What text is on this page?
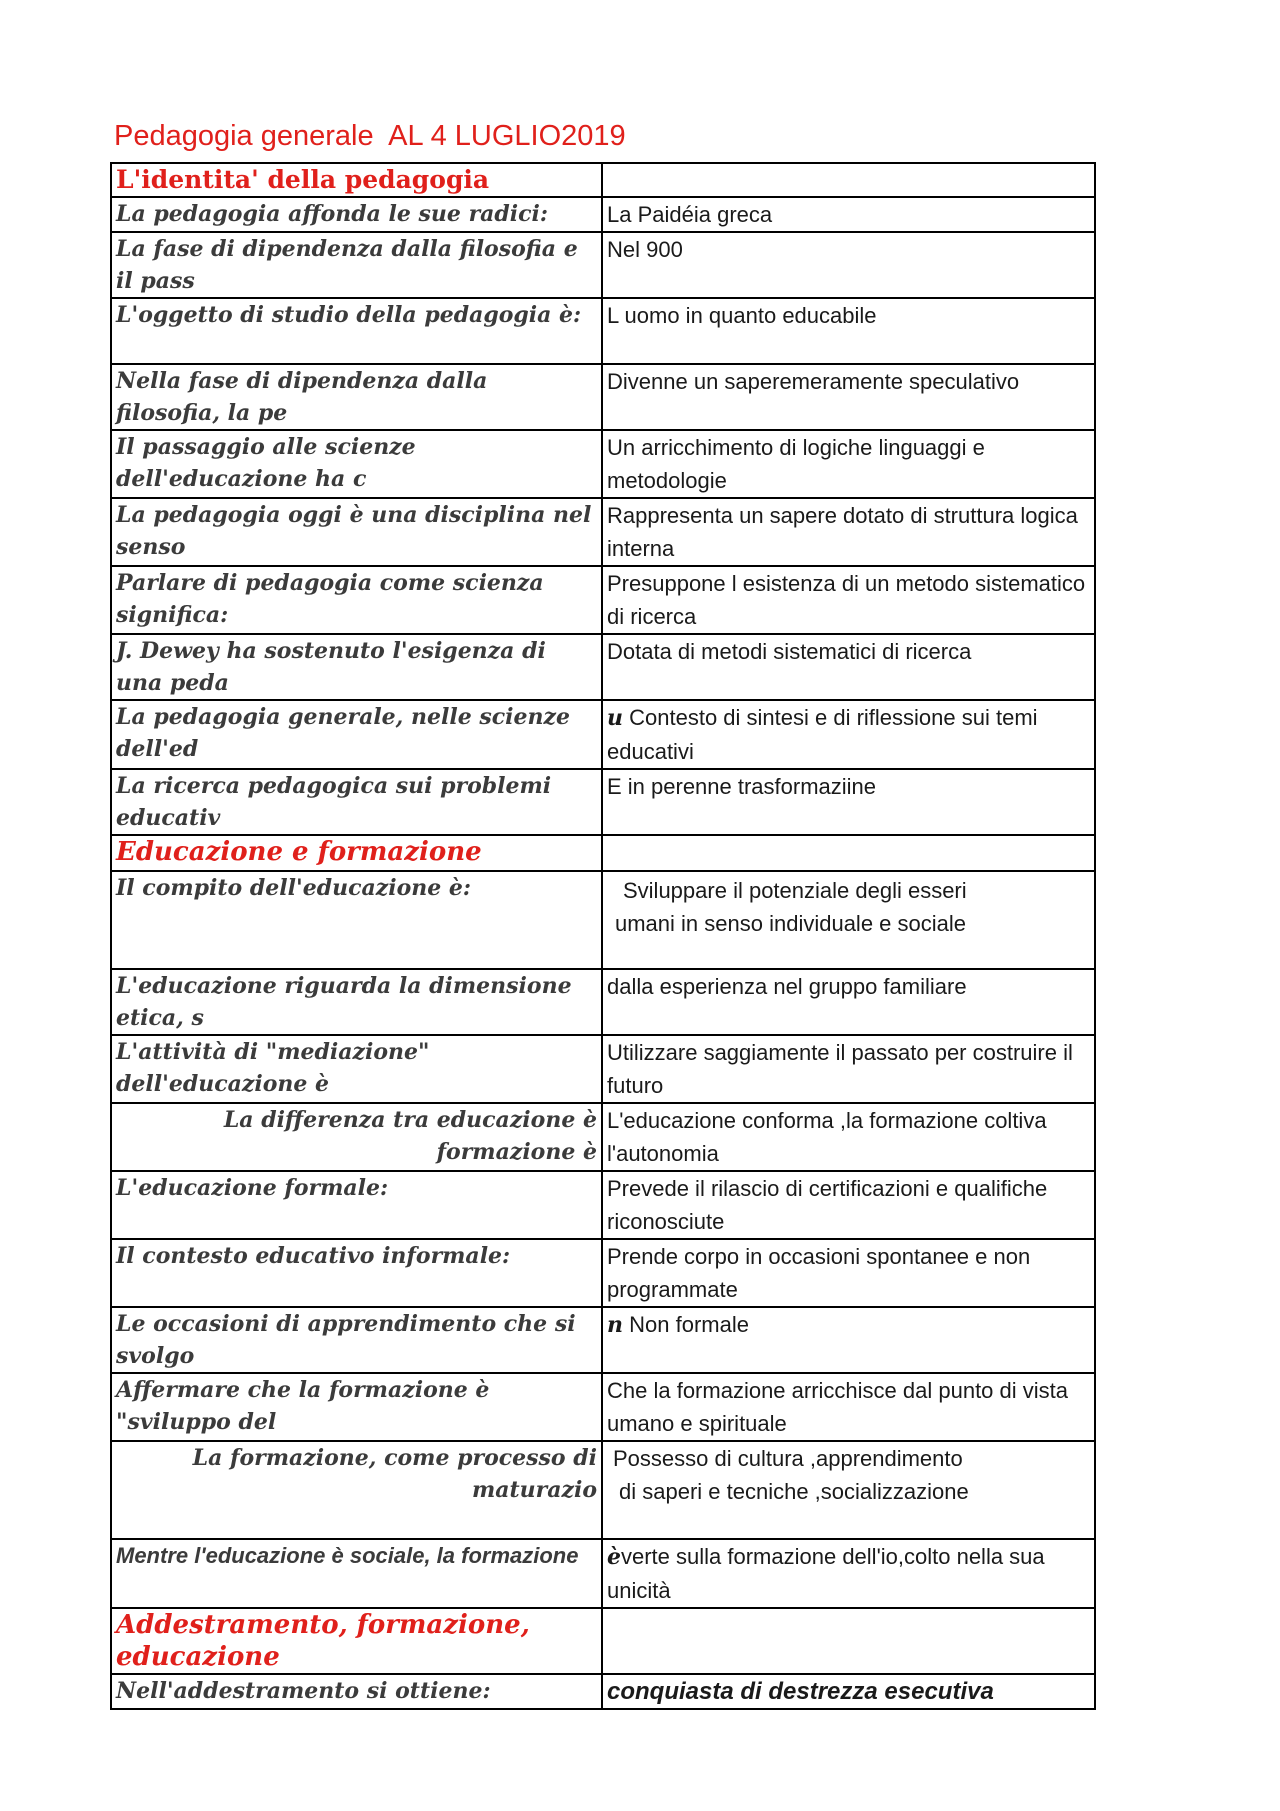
Pedagogia generale  AL 4 LUGLIO2019
L'identita' della pedagogia	
La pedagogia affonda le sue radici:	La Paidéia greca
La fase di dipendenza dalla filosofia e il pass	Nel 900
L'oggetto di studio della pedagogia è:	L uomo in quanto educabile
Nella fase di dipendenza dalla filosofia, la pe	Divenne un saperemeramente speculativo
Il passaggio alle scienze dell'educazione ha c	Un arricchimento di logiche linguaggi e metodologie
La pedagogia oggi è una disciplina nel senso	Rappresenta un sapere dotato di struttura logica interna
Parlare di pedagogia come scienza significa:	Presuppone l esistenza di un metodo sistematico di ricerca
J. Dewey ha sostenuto l'esigenza di una peda	Dotata di metodi sistematici di ricerca
La pedagogia generale, nelle scienze dell'ed	u Contesto di sintesi e di riflessione sui temi educativi
La ricerca pedagogica sui problemi educativ	E in perenne trasformaziine
Educazione e formazione	
Il compito dell'educazione è:	Sviluppare il potenziale degli esseri
umani in senso individuale e sociale

L'educazione riguarda la dimensione etica, s	dalla esperienza nel gruppo familiare
L'attività di "mediazione" dell'educazione è	Utilizzare saggiamente il passato per costruire il futuro
La differenza tra educazione è formazione è	L'educazione conforma ,la formazione coltiva l'autonomia
L'educazione formale:	Prevede il rilascio di certificazioni e qualifiche riconosciute
Il contesto educativo informale:	Prende corpo in occasioni spontanee e non programmate
Le occasioni di apprendimento che si svolgo	n Non formale
Affermare che la formazione è "sviluppo del	Che la formazione arricchisce dal punto di vista umano e spirituale
La formazione, come processo di maturazio	Possesso di cultura ,apprendimento
di saperi e tecniche ,socializzazione

Mentre l'educazione è sociale, la formazione	èverte sulla formazione dell'io,colto nella sua unicità
Addestramento, formazione, educazione	
Nell'addestramento si ottiene:	conquiasta di destrezza esecutiva
